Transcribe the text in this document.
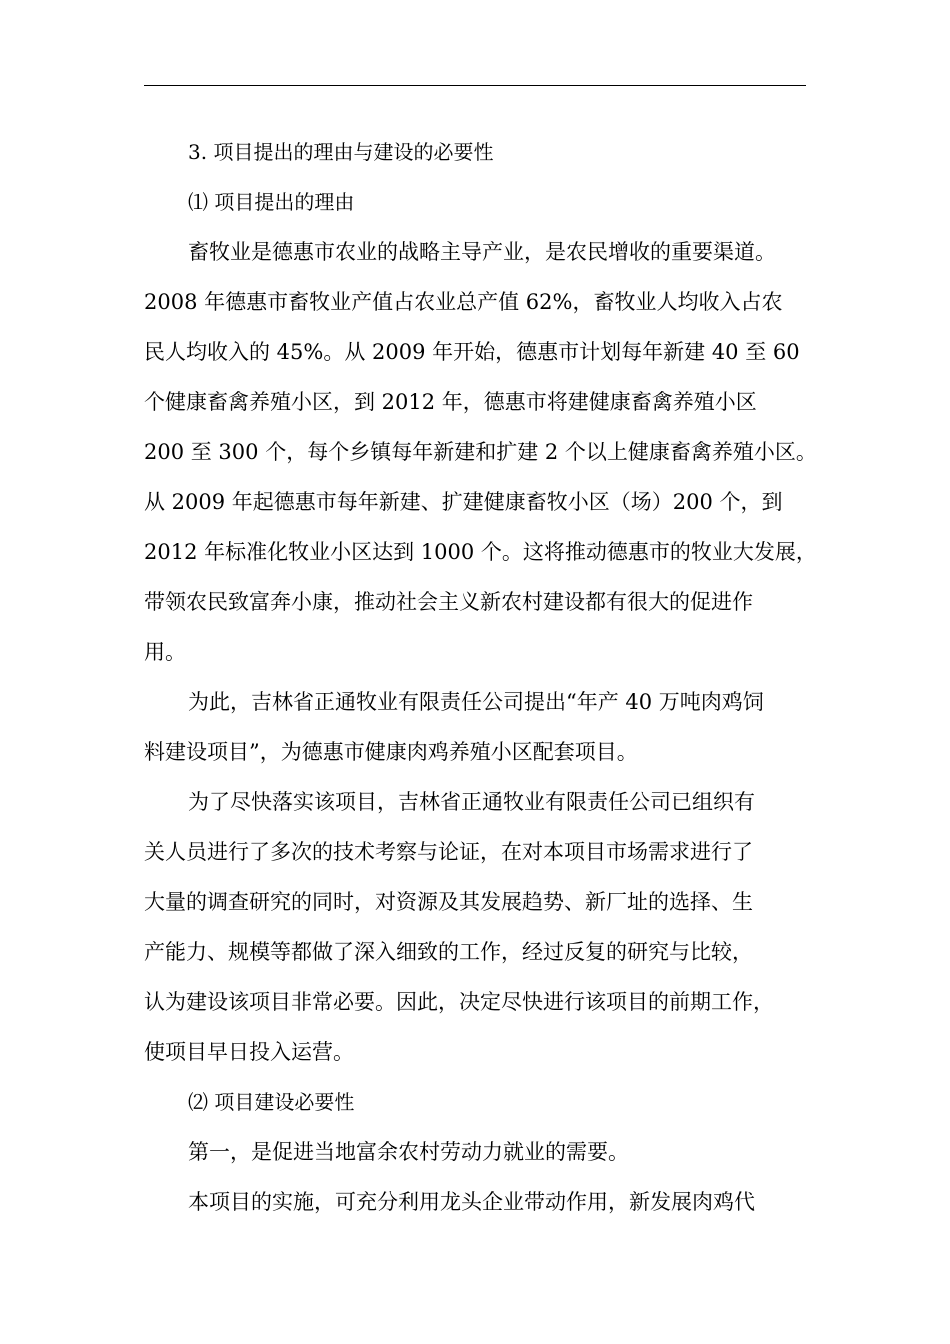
3. 项目提出的理由与建设的必要性
⑴ 项目提出的理由
畜牧业是德惠市农业的战略主导产业，是农民增收的重要渠道。
2008 年德惠市畜牧业产值占农业总产值 62%，畜牧业人均收入占农
民人均收入的 45%。从 2009 年开始，德惠市计划每年新建 40 至 60
个健康畜禽养殖小区，到 2012 年，德惠市将建健康畜禽养殖小区
200 至 300 个，每个乡镇每年新建和扩建 2 个以上健康畜禽养殖小区。
从 2009 年起德惠市每年新建、扩建健康畜牧小区（场）200 个，到
2012 年标准化牧业小区达到 1000 个。这将推动德惠市的牧业大发展，
带领农民致富奔小康，推动社会主义新农村建设都有很大的促进作
用。
为此，吉林省正通牧业有限责任公司提出“年产 40 万吨肉鸡饲
料建设项目”，为德惠市健康肉鸡养殖小区配套项目。
为了尽快落实该项目，吉林省正通牧业有限责任公司已组织有
关人员进行了多次的技术考察与论证，在对本项目市场需求进行了
大量的调查研究的同时，对资源及其发展趋势、新厂址的选择、生
产能力、规模等都做了深入细致的工作，经过反复的研究与比较，
认为建设该项目非常必要。因此，决定尽快进行该项目的前期工作，
使项目早日投入运营。
⑵ 项目建设必要性
第一，是促进当地富余农村劳动力就业的需要。
本项目的实施，可充分利用龙头企业带动作用，新发展肉鸡代
